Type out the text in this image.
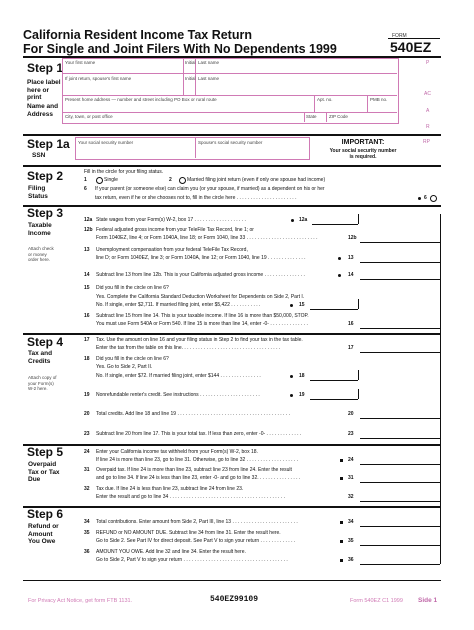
California Resident Income Tax Return
For Single and Joint Filers With No Dependents 1999
FORM
540EZ
Step 1
Place label here or print
Name and Address
Your first name	Initial Last name
If joint return, spouse's first name	Initial Last name
Present home address — number and street including PO Box or rural route	Apt. no.	PMB no.
City, town, or post office	State	ZIP Code
P
AC
A
R
Step 1a
SSN
Your social security number	Spouse's social security number	IMPORTANT:
Your social security number is required.
RP
Step 2
Filing Status
Fill in the circle for your filing status.
1	Single	2	Married filing joint return (even if only one spouse had income)
6 If your parent (or someone else) can claim you (or your spouse, if married) as a dependent on his or her
tax return, even if he or she chooses not to, fill in the circle here . . . . . . . . . . . . . . . . . . . . . .	6
Step 3
Taxable Income
Attach check or money order here.
12a State wages from your Form(s) W-2, box 17 . . . . . . . . . . . . . . . . . . .	12a
12b Federal adjusted gross income from your TeleFile Tax Record, line 1; or
Form 1040EZ, line 4; or Form 1040A, line 18; or Form 1040, line 33 . . . . . . . . . . . . . . . . . . . . . . . . . .	12b
13 Unemployment compensation from your federal TeleFile Tax Record,
line D; or Form 1040EZ, line 3; or Form 1040A, line 12; or Form 1040, line 19 . . . . . . . . . . . . . .	13
14 Subtract line 13 from line 12b. This is your California adjusted gross income . . . . . . . . . . . . . . .	14
15 Did you fill in the circle on line 6?
Yes. Complete the California Standard Deduction Worksheet for Dependents on Side 2, Part I.
No. If single, enter $2,711. If married filing joint, enter $5,422 . . . . . . . . . . .	15
16 Subtract line 15 from line 14. This is your taxable income. If line 16 is more than $50,000, STOP.
You must use Form 540A or Form 540. If line 15 is more than line 14, enter -0- . . . . . . . . . . . . . .	16
Step 4
Tax and Credits
Attach copy of your Form(s) W-2 here.
17 Tax. Use the amount on line 16 and your filing status in Step 2 to find your tax in the tax table.
Enter the tax from the table on this line. . . . . . . . . . . . . . . . . . . . . . . . . . . . . . . . . . . .	17
18 Did you fill in the circle on line 6?
Yes. Go to Side 2, Part II.
No. If single, enter $72. If married filing joint, enter $144 . . . . . . . . . . . . . . .	18
19 Nonrefundable renter's credit. See instructions . . . . . . . . . . . . . . . . . . . . . .	19
20 Total credits. Add line 18 and line 19 . . . . . . . . . . . . . . . . . . . . . . . . . . . . . . . . . . . . . . . . .	20
23 Subtract line 20 from line 17. This is your total tax. If less than zero, enter -0- . . . . . . . . . . . . .	23
Step 5
Overpaid Tax or Tax Due
24 Enter your California income tax withheld from your Form(s) W-2, box 18.
If line 24 is more than line 23, go to line 31. Otherwise, go to line 32 . . . . . . . . . . . . . . . . . . .	24
31 Overpaid tax. If line 24 is more than line 23, subtract line 23 from line 24. Enter the result
and go to line 34. If line 24 is less than line 23, enter -0- and go to line 32. . . . . . . . . . . . . . . .	31
32 Tax due. If line 24 is less than line 23, subtract line 24 from line 23.
Enter the result and go to line 34 . . . . . . . . . . . . . . . . . . . . . . . . . . . . . . . . . . . . . . . . . .	32
Step 6
Refund or Amount You Owe
34 Total contributions. Enter amount from Side 2, Part III, line 13 . . . . . . . . . . . . . . . . . . . . . . . .	34
35 REFUND or NO AMOUNT DUE. Subtract line 34 from line 31. Enter the result here.
Go to Side 2. See Part IV for direct deposit. See Part V to sign your return . . . . . . . . . . . . .	35
36 AMOUNT YOU OWE. Add line 32 and line 34. Enter the result here.
Go to Side 2, Part V to sign your return . . . . . . . . . . . . . . . . . . . . . . . . . . . . . . . . . . . . . .	36
For Privacy Act Notice, get form FTB 1131.	540EZ99109	Form 540EZ C1 1999 Side 1
